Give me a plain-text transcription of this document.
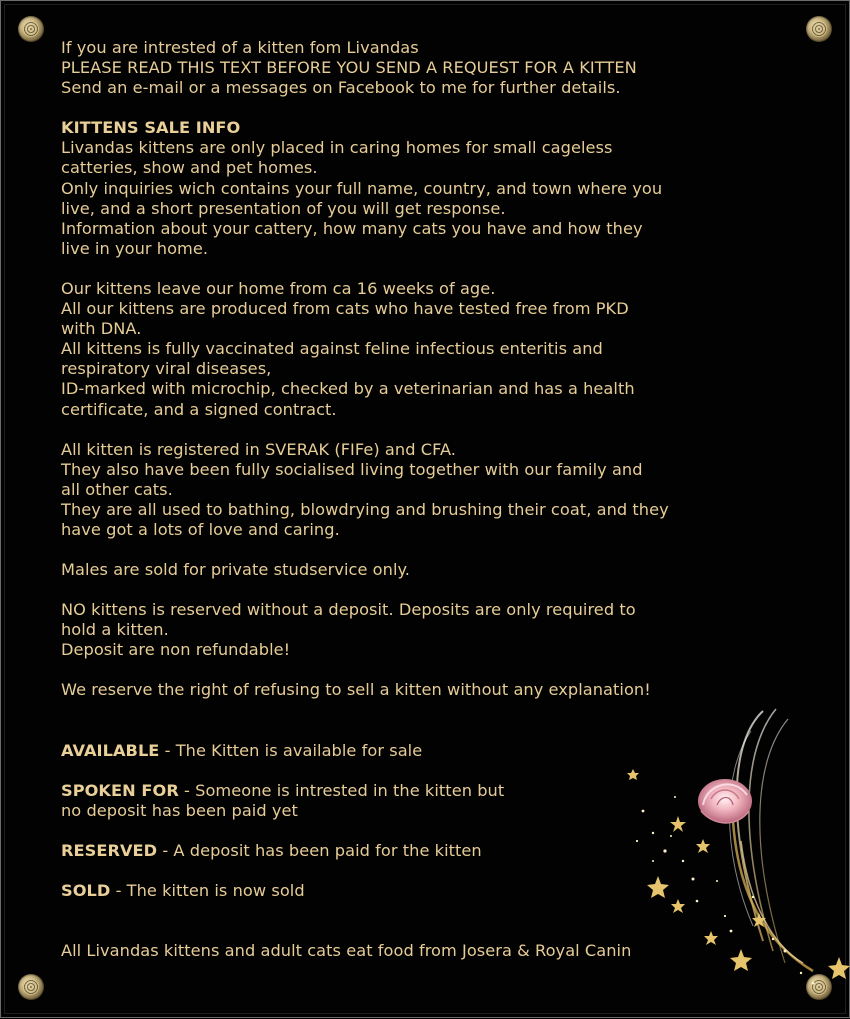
If you are intrested of a kitten fom Livandas

PLEASE READ THIS TEXT BEFORE YOU SEND A REQUEST FOR A KITTEN

Send an e-mail or a messages on Facebook to me for further details.

KITTENS SALE INFO

Livandas kittens are only placed in caring homes for small cageless

catteries, show and pet homes.

Only inquiries wich contains your full name, country, and town where you

live, and a short presentation of you will get response.

Information about your cattery, how many cats you have and how they

live in your home.

Our kittens leave our home from ca 16 weeks of age.

All our kittens are produced from cats who have tested free from PKD

with DNA.

All kittens is fully vaccinated against feline infectious enteritis and

respiratory viral diseases,

ID-marked with microchip, checked by a veterinarian and has a health

certificate, and a signed contract.

All kitten is registered in SVERAK (FIFe) and CFA.

They also have been fully socialised living together with our family and

all other cats.

They are all used to bathing, blowdrying and brushing their coat, and they

have got a lots of love and caring.

Males are sold for private studservice only.

NO kittens is reserved without a deposit. Deposits are only required to

hold a kitten.

Deposit are non refundable!

We reserve the right of refusing to sell a kitten without any explanation!

AVAILABLE - The Kitten is available for sale

SPOKEN FOR - Someone is intrested in the kitten but

no deposit has been paid yet

RESERVED - A deposit has been paid for the kitten

SOLD - The kitten is now sold

All Livandas kittens and adult cats eat food from Josera & Royal Canin
